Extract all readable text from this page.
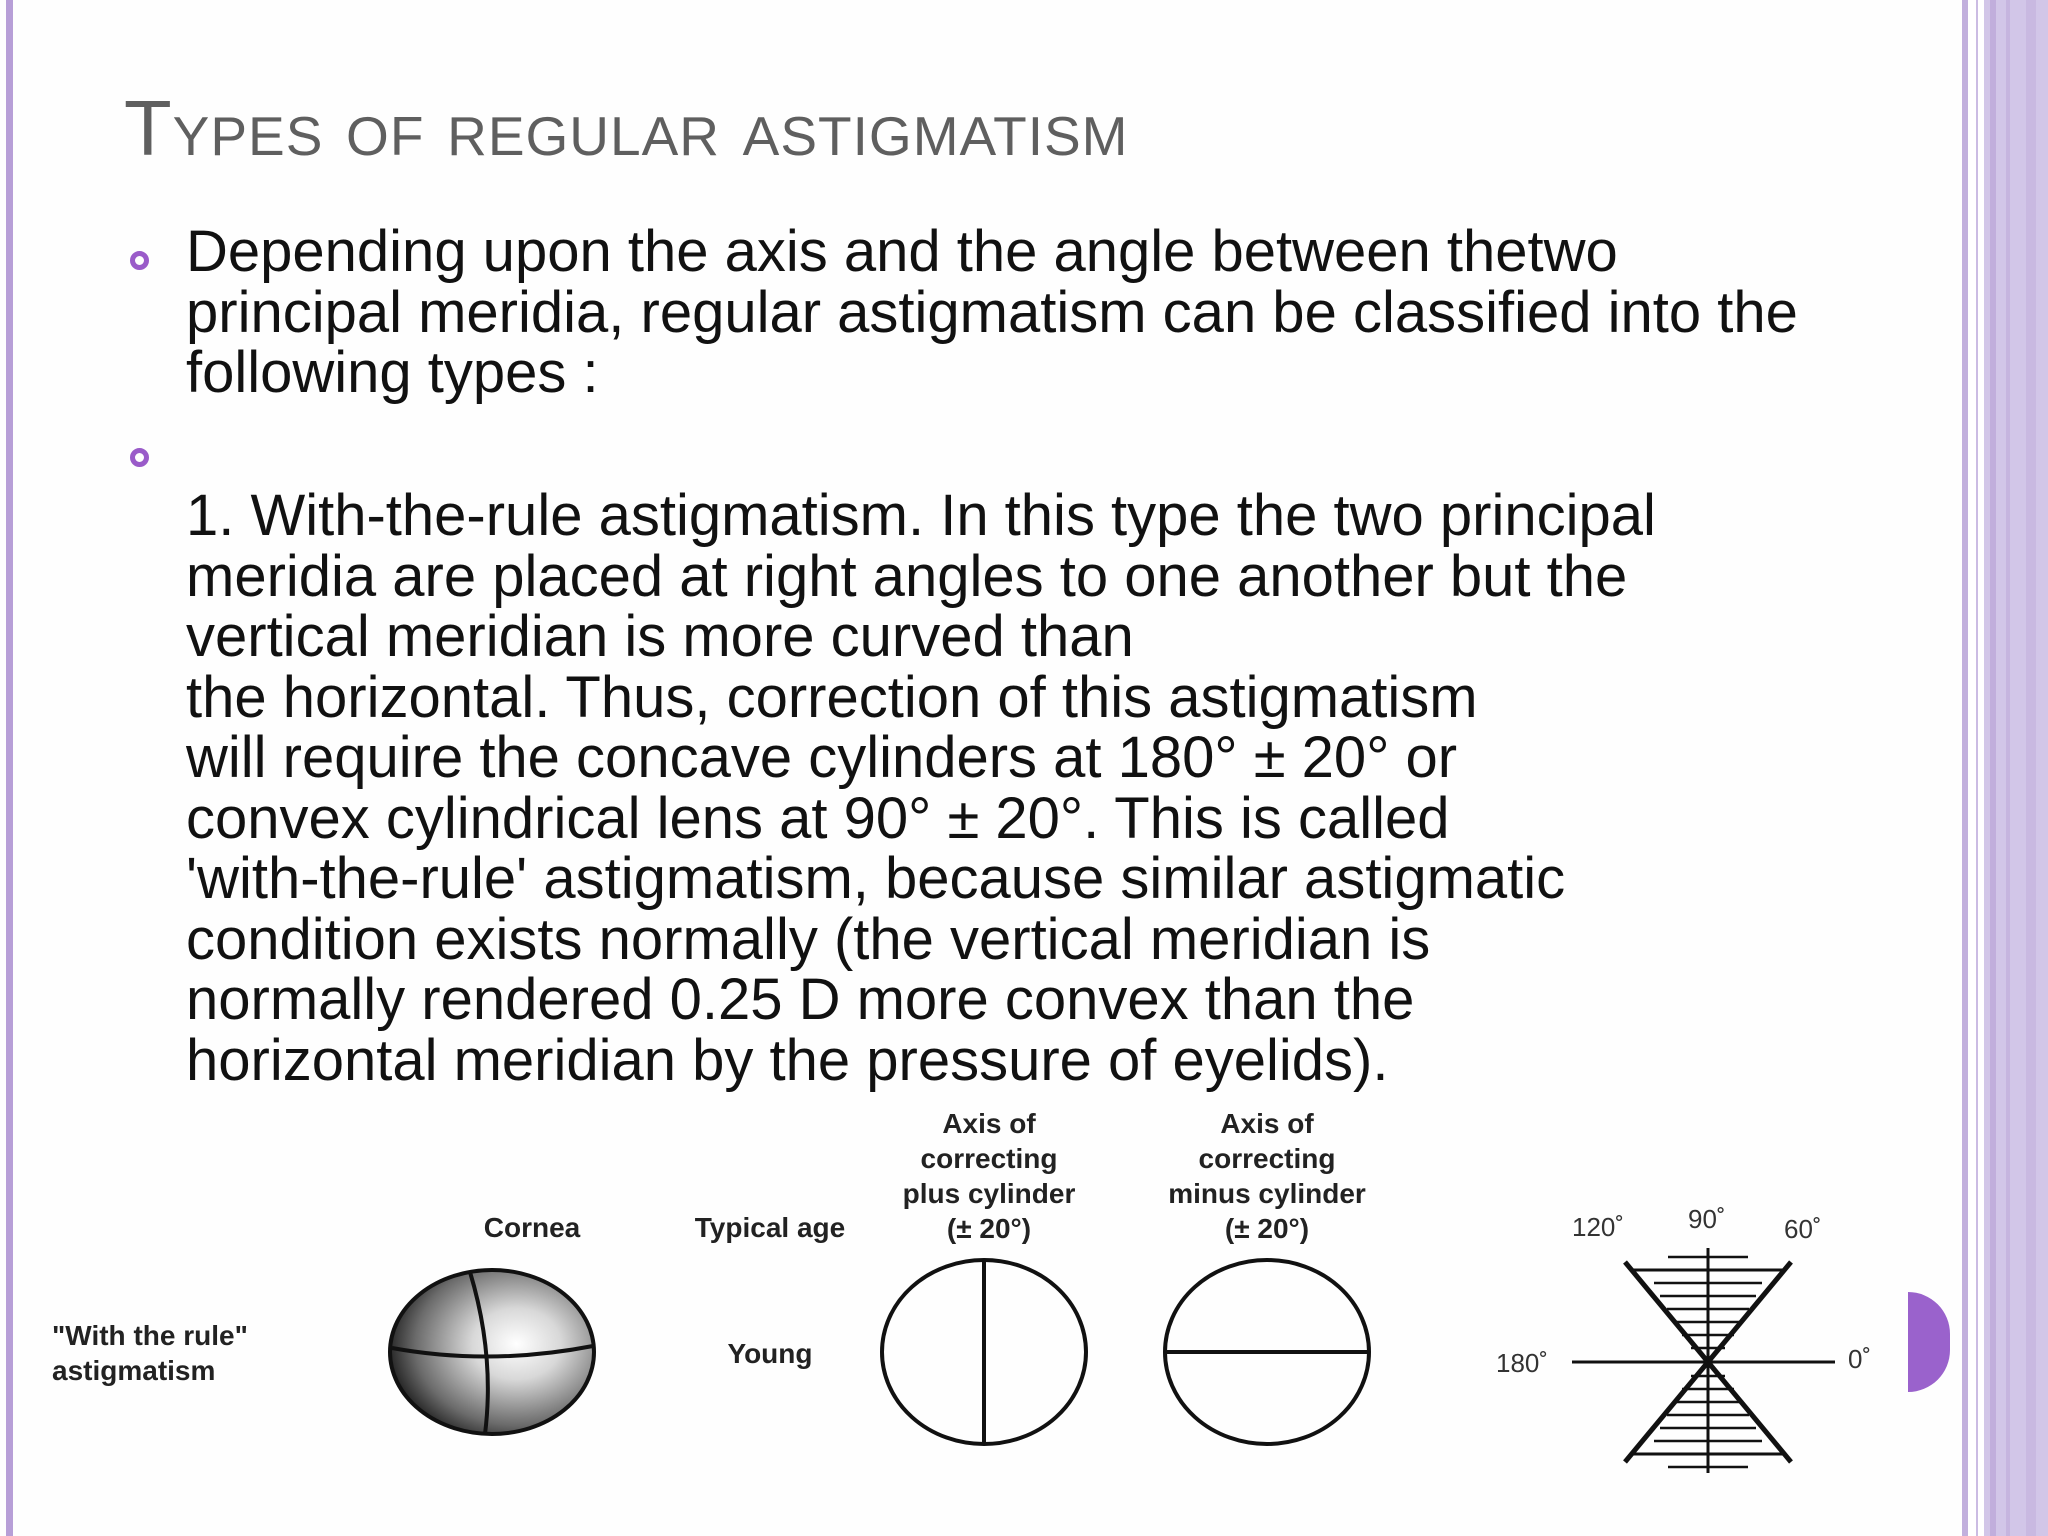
Types of regular astigmatism
Depending upon the axis and the angle between thetwo
principal meridia, regular astigmatism can be classified into the
following types :

1. With-the-rule astigmatism. In this type the two principal
meridia are placed at right angles to one another but the
vertical meridian is more curved than
the horizontal. Thus, correction of this astigmatism
will require the concave cylinders at 180° ± 20° or
convex cylindrical lens at 90° ± 20°. This is called
'with-the-rule' astigmatism, because similar astigmatic
condition exists normally (the vertical meridian is
normally rendered 0.25 D more convex than the
horizontal meridian by the pressure of eyelids).
Cornea	Typical age
Axis of
correcting
plus cylinder
(± 20°)
Axis of
correcting
minus cylinder
(± 20°)
"With the rule"
astigmatism
Young
120˚ 90˚ 60˚
180˚	0˚
